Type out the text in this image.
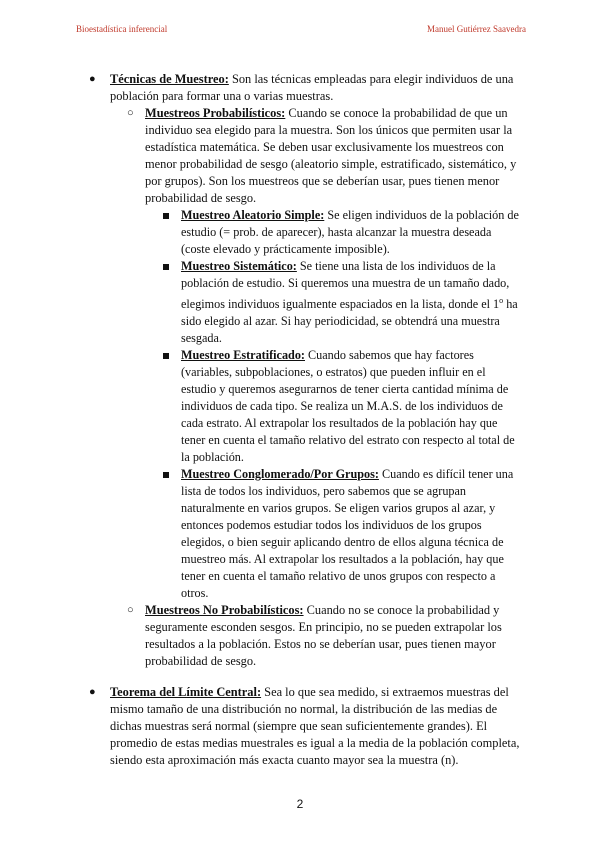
Bioestadística inferencial	Manuel Gutiérrez Saavedra
● Técnicas de Muestreo: Son las técnicas empleadas para elegir individuos de una población para formar una o varias muestras.
○ Muestreos Probabilísticos: Cuando se conoce la probabilidad de que un individuo sea elegido para la muestra. Son los únicos que permiten usar la estadística matemática. Se deben usar exclusivamente los muestreos con menor probabilidad de sesgo (aleatorio simple, estratificado, sistemático, y por grupos). Son los muestreos que se deberían usar, pues tienen menor probabilidad de sesgo.
Muestreo Aleatorio Simple: Se eligen individuos de la población de estudio (= prob. de aparecer), hasta alcanzar la muestra deseada (coste elevado y prácticamente imposible).
Muestreo Sistemático: Se tiene una lista de los individuos de la población de estudio. Si queremos una muestra de un tamaño dado, elegimos individuos igualmente espaciados en la lista, donde el 1$^o$ ha sido elegido al azar. Si hay periodicidad, se obtendrá una muestra sesgada.
Muestreo Estratificado: Cuando sabemos que hay factores (variables, subpoblaciones, o estratos) que pueden influir en el estudio y queremos asegurarnos de tener cierta cantidad mínima de individuos de cada tipo. Se realiza un M.A.S. de los individuos de cada estrato. Al extrapolar los resultados de la población hay que tener en cuenta el tamaño relativo del estrato con respecto al total de la población.
Muestreo Conglomerado/Por Grupos: Cuando es difícil tener una lista de todos los individuos, pero sabemos que se agrupan naturalmente en varios grupos. Se eligen varios grupos al azar, y entonces podemos estudiar todos los individuos de los grupos elegidos, o bien seguir aplicando dentro de ellos alguna técnica de muestreo más. Al extrapolar los resultados a la población, hay que tener en cuenta el tamaño relativo de unos grupos con respecto a otros.
○ Muestreos No Probabilísticos: Cuando no se conoce la probabilidad y seguramente esconden sesgos. En principio, no se pueden extrapolar los resultados a la población. Estos no se deberían usar, pues tienen mayor probabilidad de sesgo.
● Teorema del Límite Central: Sea lo que sea medido, si extraemos muestras del mismo tamaño de una distribución no normal, la distribución de las medias de dichas muestras será normal (siempre que sean suficientemente grandes). El promedio de estas medias muestrales es igual a la media de la población completa, siendo esta aproximación más exacta cuanto mayor sea la muestra (n).
2
